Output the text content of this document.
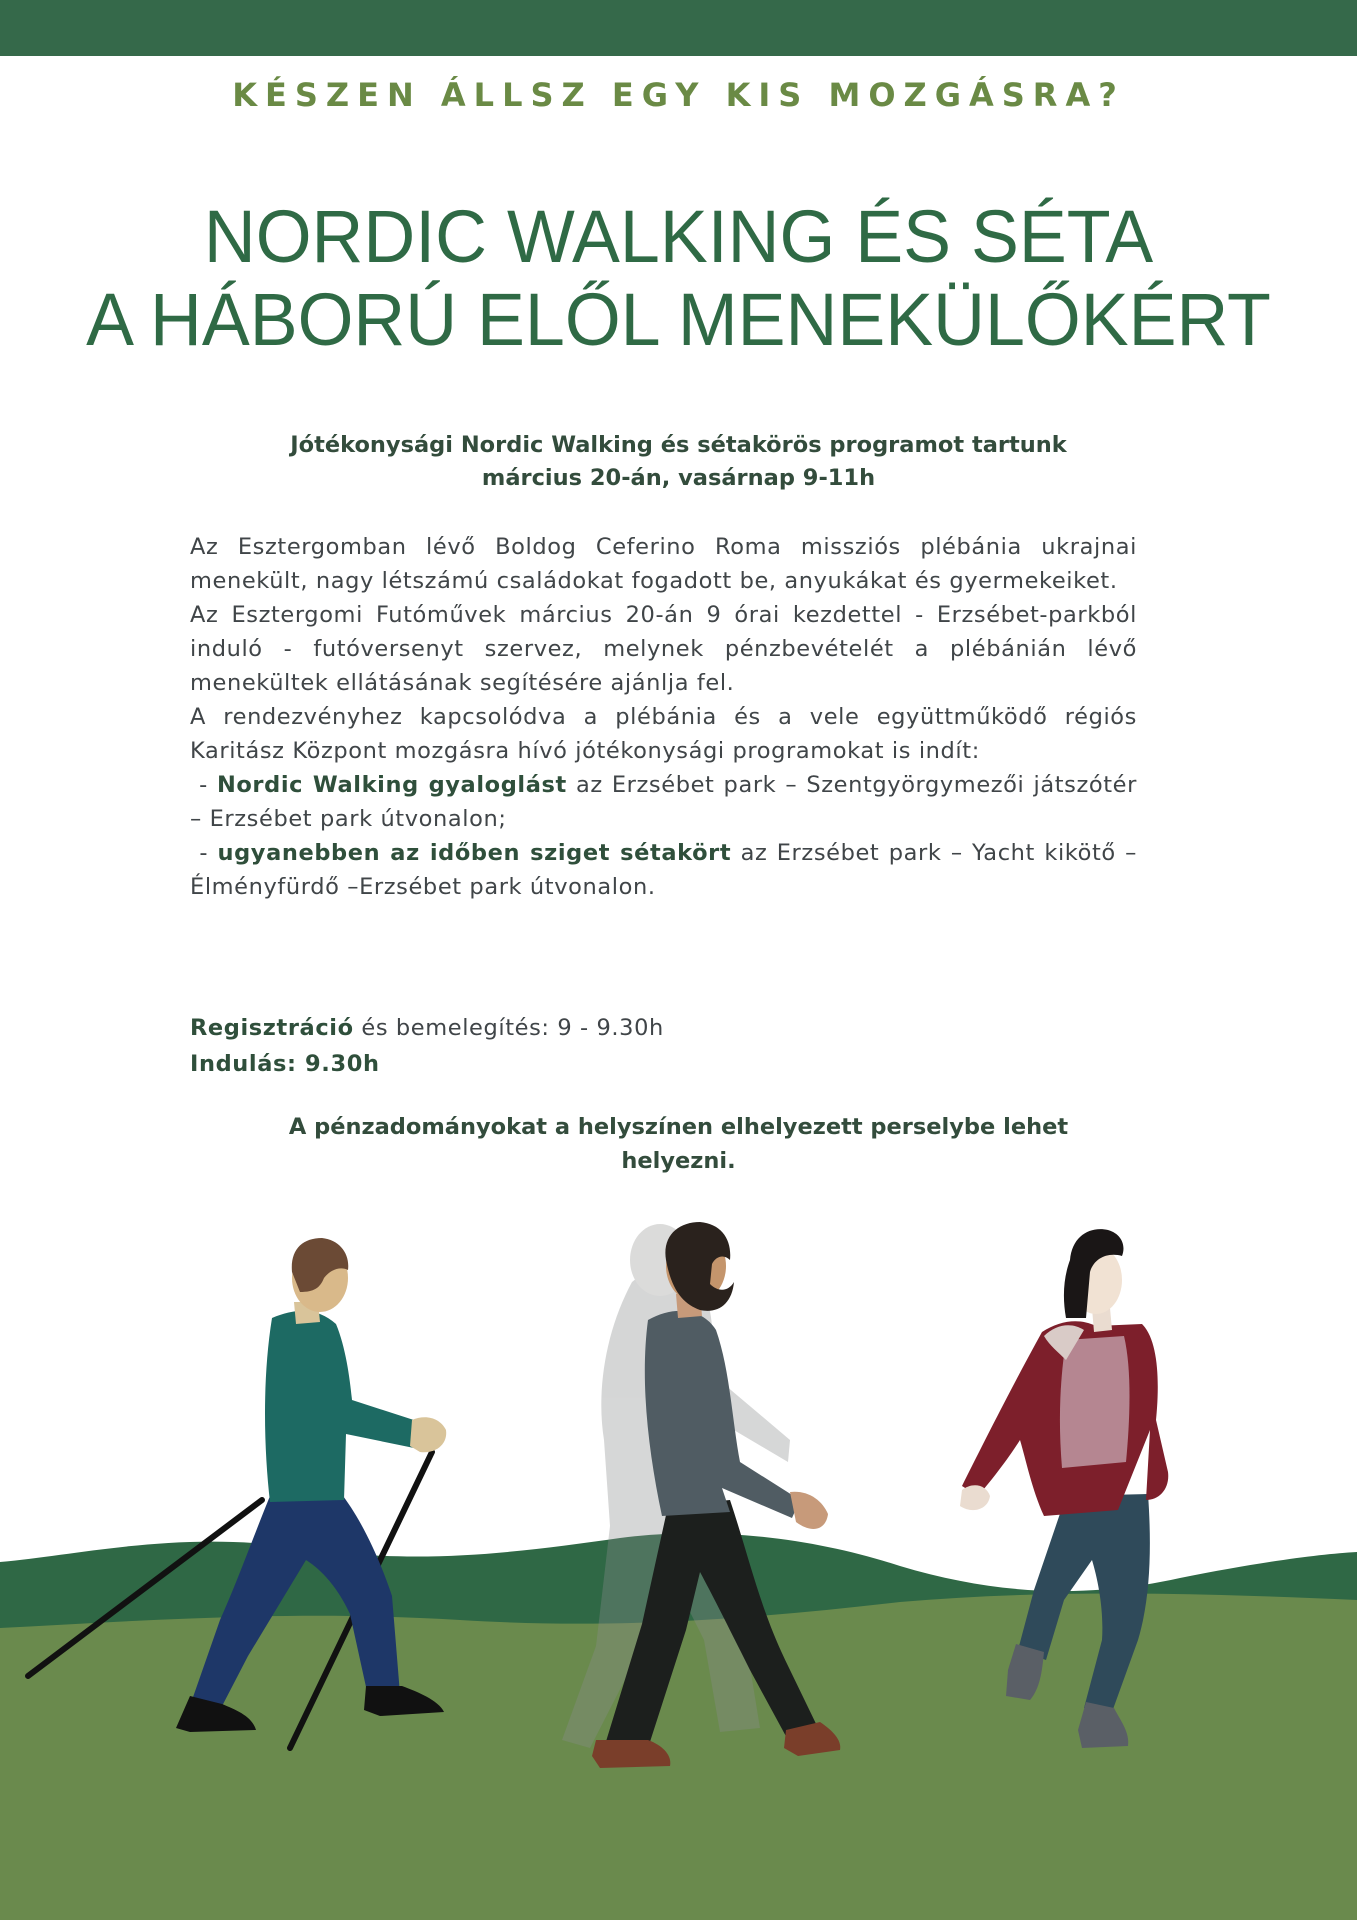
KÉSZEN ÁLLSZ EGY KIS MOZGÁSRA?
NORDIC WALKING ÉS SÉTA
A HÁBORÚ ELŐL MENEKÜLŐKÉRT
Jótékonysági Nordic Walking és sétakörös programot tartunk
március 20-án, vasárnap 9-11h

Az Esztergomban lévő Boldog Ceferino Roma missziós plébánia ukrajnai menekült, nagy létszámú családokat fogadott be, anyukákat és gyermekeiket.

Az Esztergomi Futóművek március 20-án 9 órai kezdettel - Erzsébet-parkból induló - futóversenyt szervez, melynek pénzbevételét a plébánián lévő menekültek ellátásának segítésére ajánlja fel.

A rendezvényhez kapcsolódva a plébánia és a vele együttműködő régiós Karitász Központ mozgásra hívó jótékonysági programokat is indít:

- Nordic Walking gyaloglást az Erzsébet park – Szentgyörgymezői játszótér – Erzsébet park útvonalon;

- ugyanebben az időben sziget sétakört az Erzsébet park – Yacht kikötő – Élményfürdő –Erzsébet park útvonalon.

Regisztráció és bemelegítés: 9 - 9.30h

Indulás: 9.30h

A pénzadományokat a helyszínen elhelyezett perselybe lehet
helyezni.
